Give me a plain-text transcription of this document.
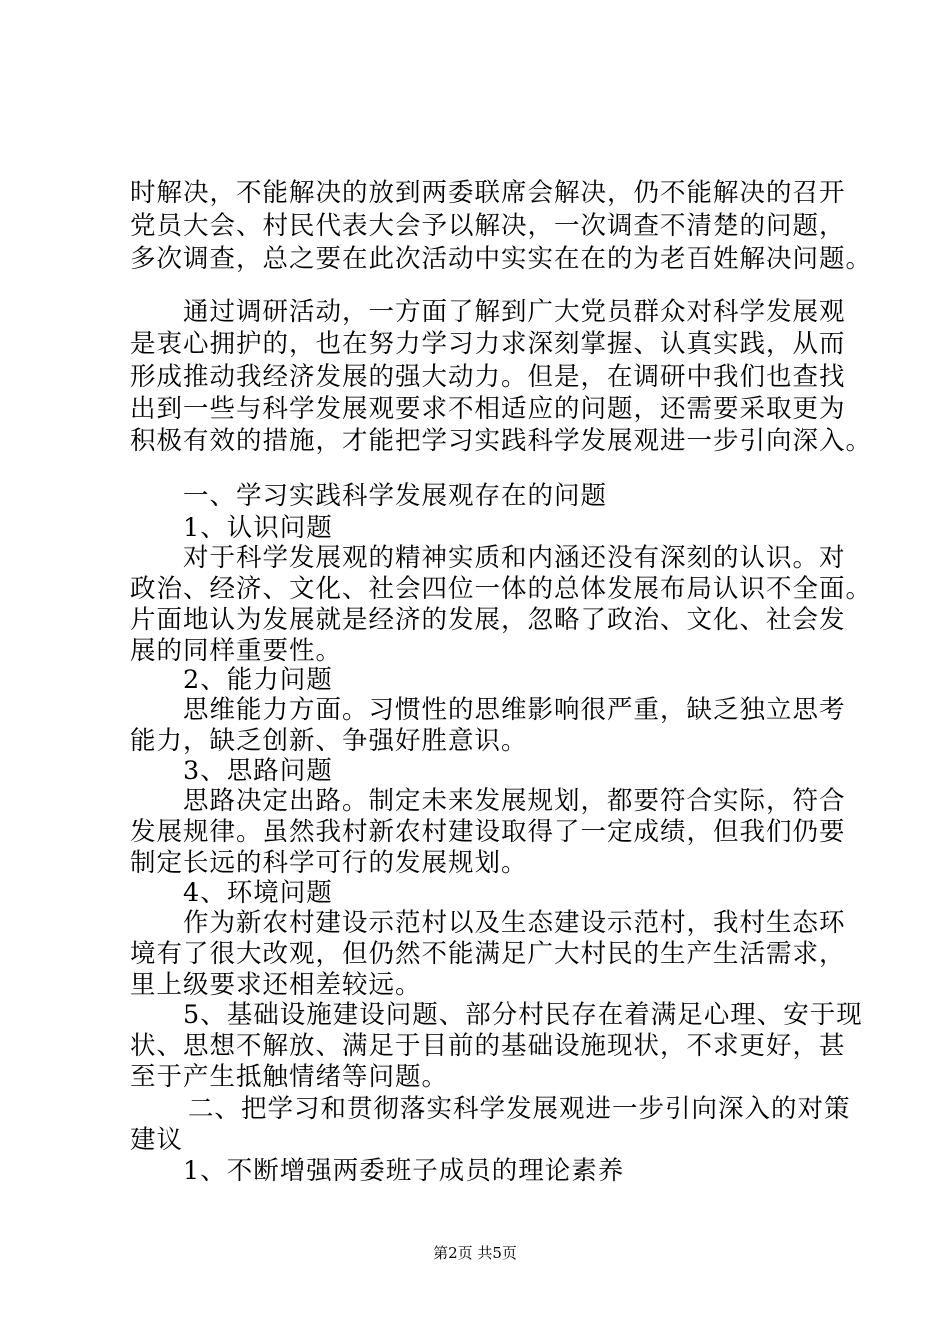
时解决，不能解决的放到两委联席会解决，仍不能解决的召开
党员大会、村民代表大会予以解决，一次调查不清楚的问题，
多次调查，总之要在此次活动中实实在在的为老百姓解决问题。
通过调研活动，一方面了解到广大党员群众对科学发展观
是衷心拥护的，也在努力学习力求深刻掌握、认真实践，从而
形成推动我经济发展的强大动力。但是，在调研中我们也查找
出到一些与科学发展观要求不相适应的问题，还需要采取更为
积极有效的措施，才能把学习实践科学发展观进一步引向深入。
一、学习实践科学发展观存在的问题
1、认识问题
对于科学发展观的精神实质和内涵还没有深刻的认识。对
政治、经济、文化、社会四位一体的总体发展布局认识不全面。
片面地认为发展就是经济的发展，忽略了政治、文化、社会发
展的同样重要性。
2、能力问题
思维能力方面。习惯性的思维影响很严重，缺乏独立思考
能力，缺乏创新、争强好胜意识。
3、思路问题
思路决定出路。制定未来发展规划，都要符合实际，符合
发展规律。虽然我村新农村建设取得了一定成绩，但我们仍要
制定长远的科学可行的发展规划。
4、环境问题
作为新农村建设示范村以及生态建设示范村，我村生态环
境有了很大改观，但仍然不能满足广大村民的生产生活需求，
里上级要求还相差较远。
5、基础设施建设问题、部分村民存在着满足心理、安于现
状、思想不解放、满足于目前的基础设施现状，不求更好，甚
至于产生抵触情绪等问题。
二、把学习和贯彻落实科学发展观进一步引向深入的对策
建议
1、不断增强两委班子成员的理论素养
第2页 共5页
